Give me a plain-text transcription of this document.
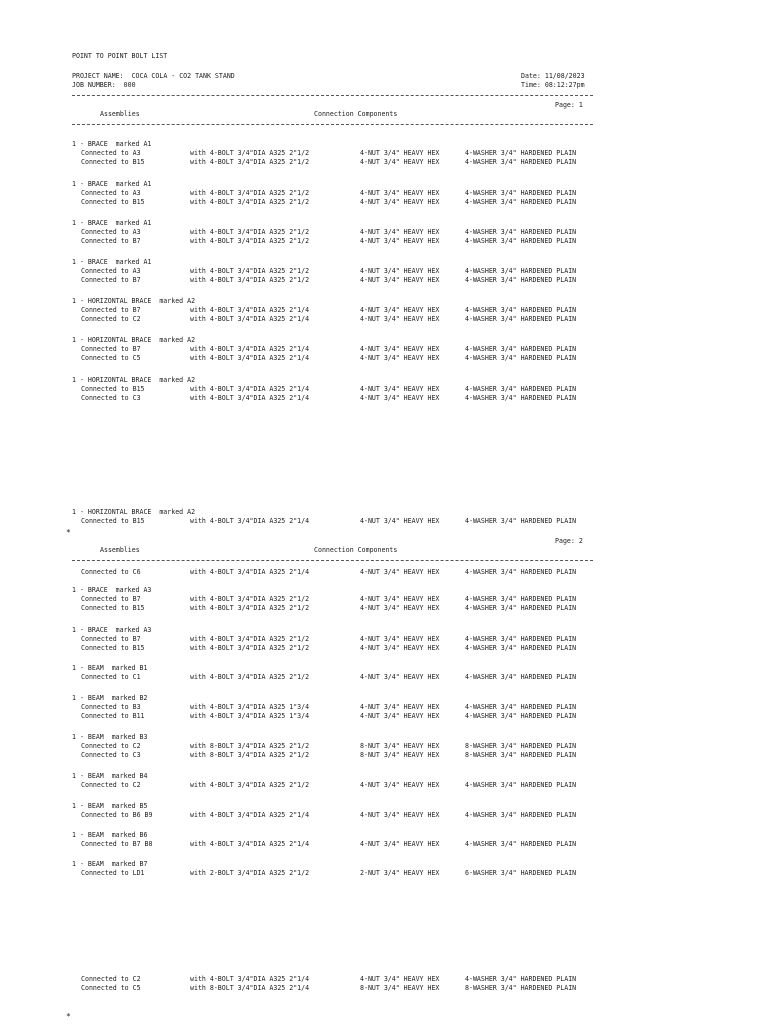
POINT TO POINT BOLT LIST
PROJECT NAME: COCA COLA - CO2 TANK STAND
JOB NUMBER: 000
Date: 11/08/2023
Time: 08:12:27pm
Page: 1
Assemblies	Connection Components
1 - BRACE  marked A1
Connected to A3	with 4-BOLT 3/4"DIA A325 2"1/2	4-NUT 3/4" HEAVY HEX	4-WASHER 3/4" HARDENED PLAIN
Connected to B15	with 4-BOLT 3/4"DIA A325 2"1/2	4-NUT 3/4" HEAVY HEX	4-WASHER 3/4" HARDENED PLAIN
1 - BRACE  marked A1
Connected to A3	with 4-BOLT 3/4"DIA A325 2"1/2	4-NUT 3/4" HEAVY HEX	4-WASHER 3/4" HARDENED PLAIN
Connected to B15	with 4-BOLT 3/4"DIA A325 2"1/2	4-NUT 3/4" HEAVY HEX	4-WASHER 3/4" HARDENED PLAIN
1 - BRACE  marked A1
Connected to A3	with 4-BOLT 3/4"DIA A325 2"1/2	4-NUT 3/4" HEAVY HEX	4-WASHER 3/4" HARDENED PLAIN
Connected to B7	with 4-BOLT 3/4"DIA A325 2"1/2	4-NUT 3/4" HEAVY HEX	4-WASHER 3/4" HARDENED PLAIN
1 - BRACE  marked A1
Connected to A3	with 4-BOLT 3/4"DIA A325 2"1/2	4-NUT 3/4" HEAVY HEX	4-WASHER 3/4" HARDENED PLAIN
Connected to B7	with 4-BOLT 3/4"DIA A325 2"1/2	4-NUT 3/4" HEAVY HEX	4-WASHER 3/4" HARDENED PLAIN
1 - HORIZONTAL BRACE  marked A2
Connected to B7	with 4-BOLT 3/4"DIA A325 2"1/4	4-NUT 3/4" HEAVY HEX	4-WASHER 3/4" HARDENED PLAIN
Connected to C2	with 4-BOLT 3/4"DIA A325 2"1/4	4-NUT 3/4" HEAVY HEX	4-WASHER 3/4" HARDENED PLAIN
1 - HORIZONTAL BRACE  marked A2
Connected to B7	with 4-BOLT 3/4"DIA A325 2"1/4	4-NUT 3/4" HEAVY HEX	4-WASHER 3/4" HARDENED PLAIN
Connected to C5	with 4-BOLT 3/4"DIA A325 2"1/4	4-NUT 3/4" HEAVY HEX	4-WASHER 3/4" HARDENED PLAIN
1 - HORIZONTAL BRACE  marked A2
Connected to B15	with 4-BOLT 3/4"DIA A325 2"1/4	4-NUT 3/4" HEAVY HEX	4-WASHER 3/4" HARDENED PLAIN
Connected to C3	with 4-BOLT 3/4"DIA A325 2"1/4	4-NUT 3/4" HEAVY HEX	4-WASHER 3/4" HARDENED PLAIN
1 - HORIZONTAL BRACE  marked A2
Connected to B15	with 4-BOLT 3/4"DIA A325 2"1/4	4-NUT 3/4" HEAVY HEX	4-WASHER 3/4" HARDENED PLAIN
*
Page: 2
Assemblies	Connection Components
Connected to C6	with 4-BOLT 3/4"DIA A325 2"1/4	4-NUT 3/4" HEAVY HEX	4-WASHER 3/4" HARDENED PLAIN
1 - BRACE  marked A3
Connected to B7	with 4-BOLT 3/4"DIA A325 2"1/2	4-NUT 3/4" HEAVY HEX	4-WASHER 3/4" HARDENED PLAIN
Connected to B15	with 4-BOLT 3/4"DIA A325 2"1/2	4-NUT 3/4" HEAVY HEX	4-WASHER 3/4" HARDENED PLAIN
1 - BRACE  marked A3
Connected to B7	with 4-BOLT 3/4"DIA A325 2"1/2	4-NUT 3/4" HEAVY HEX	4-WASHER 3/4" HARDENED PLAIN
Connected to B15	with 4-BOLT 3/4"DIA A325 2"1/2	4-NUT 3/4" HEAVY HEX	4-WASHER 3/4" HARDENED PLAIN
1 - BEAM  marked B1
Connected to C1	with 4-BOLT 3/4"DIA A325 2"1/2	4-NUT 3/4" HEAVY HEX	4-WASHER 3/4" HARDENED PLAIN
1 - BEAM  marked B2
Connected to B3	with 4-BOLT 3/4"DIA A325 1"3/4	4-NUT 3/4" HEAVY HEX	4-WASHER 3/4" HARDENED PLAIN
Connected to B11	with 4-BOLT 3/4"DIA A325 1"3/4	4-NUT 3/4" HEAVY HEX	4-WASHER 3/4" HARDENED PLAIN
1 - BEAM  marked B3
Connected to C2	with 8-BOLT 3/4"DIA A325 2"1/2	8-NUT 3/4" HEAVY HEX	8-WASHER 3/4" HARDENED PLAIN
Connected to C3	with 8-BOLT 3/4"DIA A325 2"1/2	8-NUT 3/4" HEAVY HEX	8-WASHER 3/4" HARDENED PLAIN
1 - BEAM  marked B4
Connected to C2	with 4-BOLT 3/4"DIA A325 2"1/2	4-NUT 3/4" HEAVY HEX	4-WASHER 3/4" HARDENED PLAIN
1 - BEAM  marked B5
Connected to B6 B9	with 4-BOLT 3/4"DIA A325 2"1/4	4-NUT 3/4" HEAVY HEX	4-WASHER 3/4" HARDENED PLAIN
1 - BEAM  marked B6
Connected to B7 B8	with 4-BOLT 3/4"DIA A325 2"1/4	4-NUT 3/4" HEAVY HEX	4-WASHER 3/4" HARDENED PLAIN
1 - BEAM  marked B7
Connected to LD1	with 2-BOLT 3/4"DIA A325 2"1/2	2-NUT 3/4" HEAVY HEX	6-WASHER 3/4" HARDENED PLAIN
Connected to C2	with 4-BOLT 3/4"DIA A325 2"1/4	4-NUT 3/4" HEAVY HEX	4-WASHER 3/4" HARDENED PLAIN
Connected to C5	with 8-BOLT 3/4"DIA A325 2"1/4	8-NUT 3/4" HEAVY HEX	8-WASHER 3/4" HARDENED PLAIN
*
